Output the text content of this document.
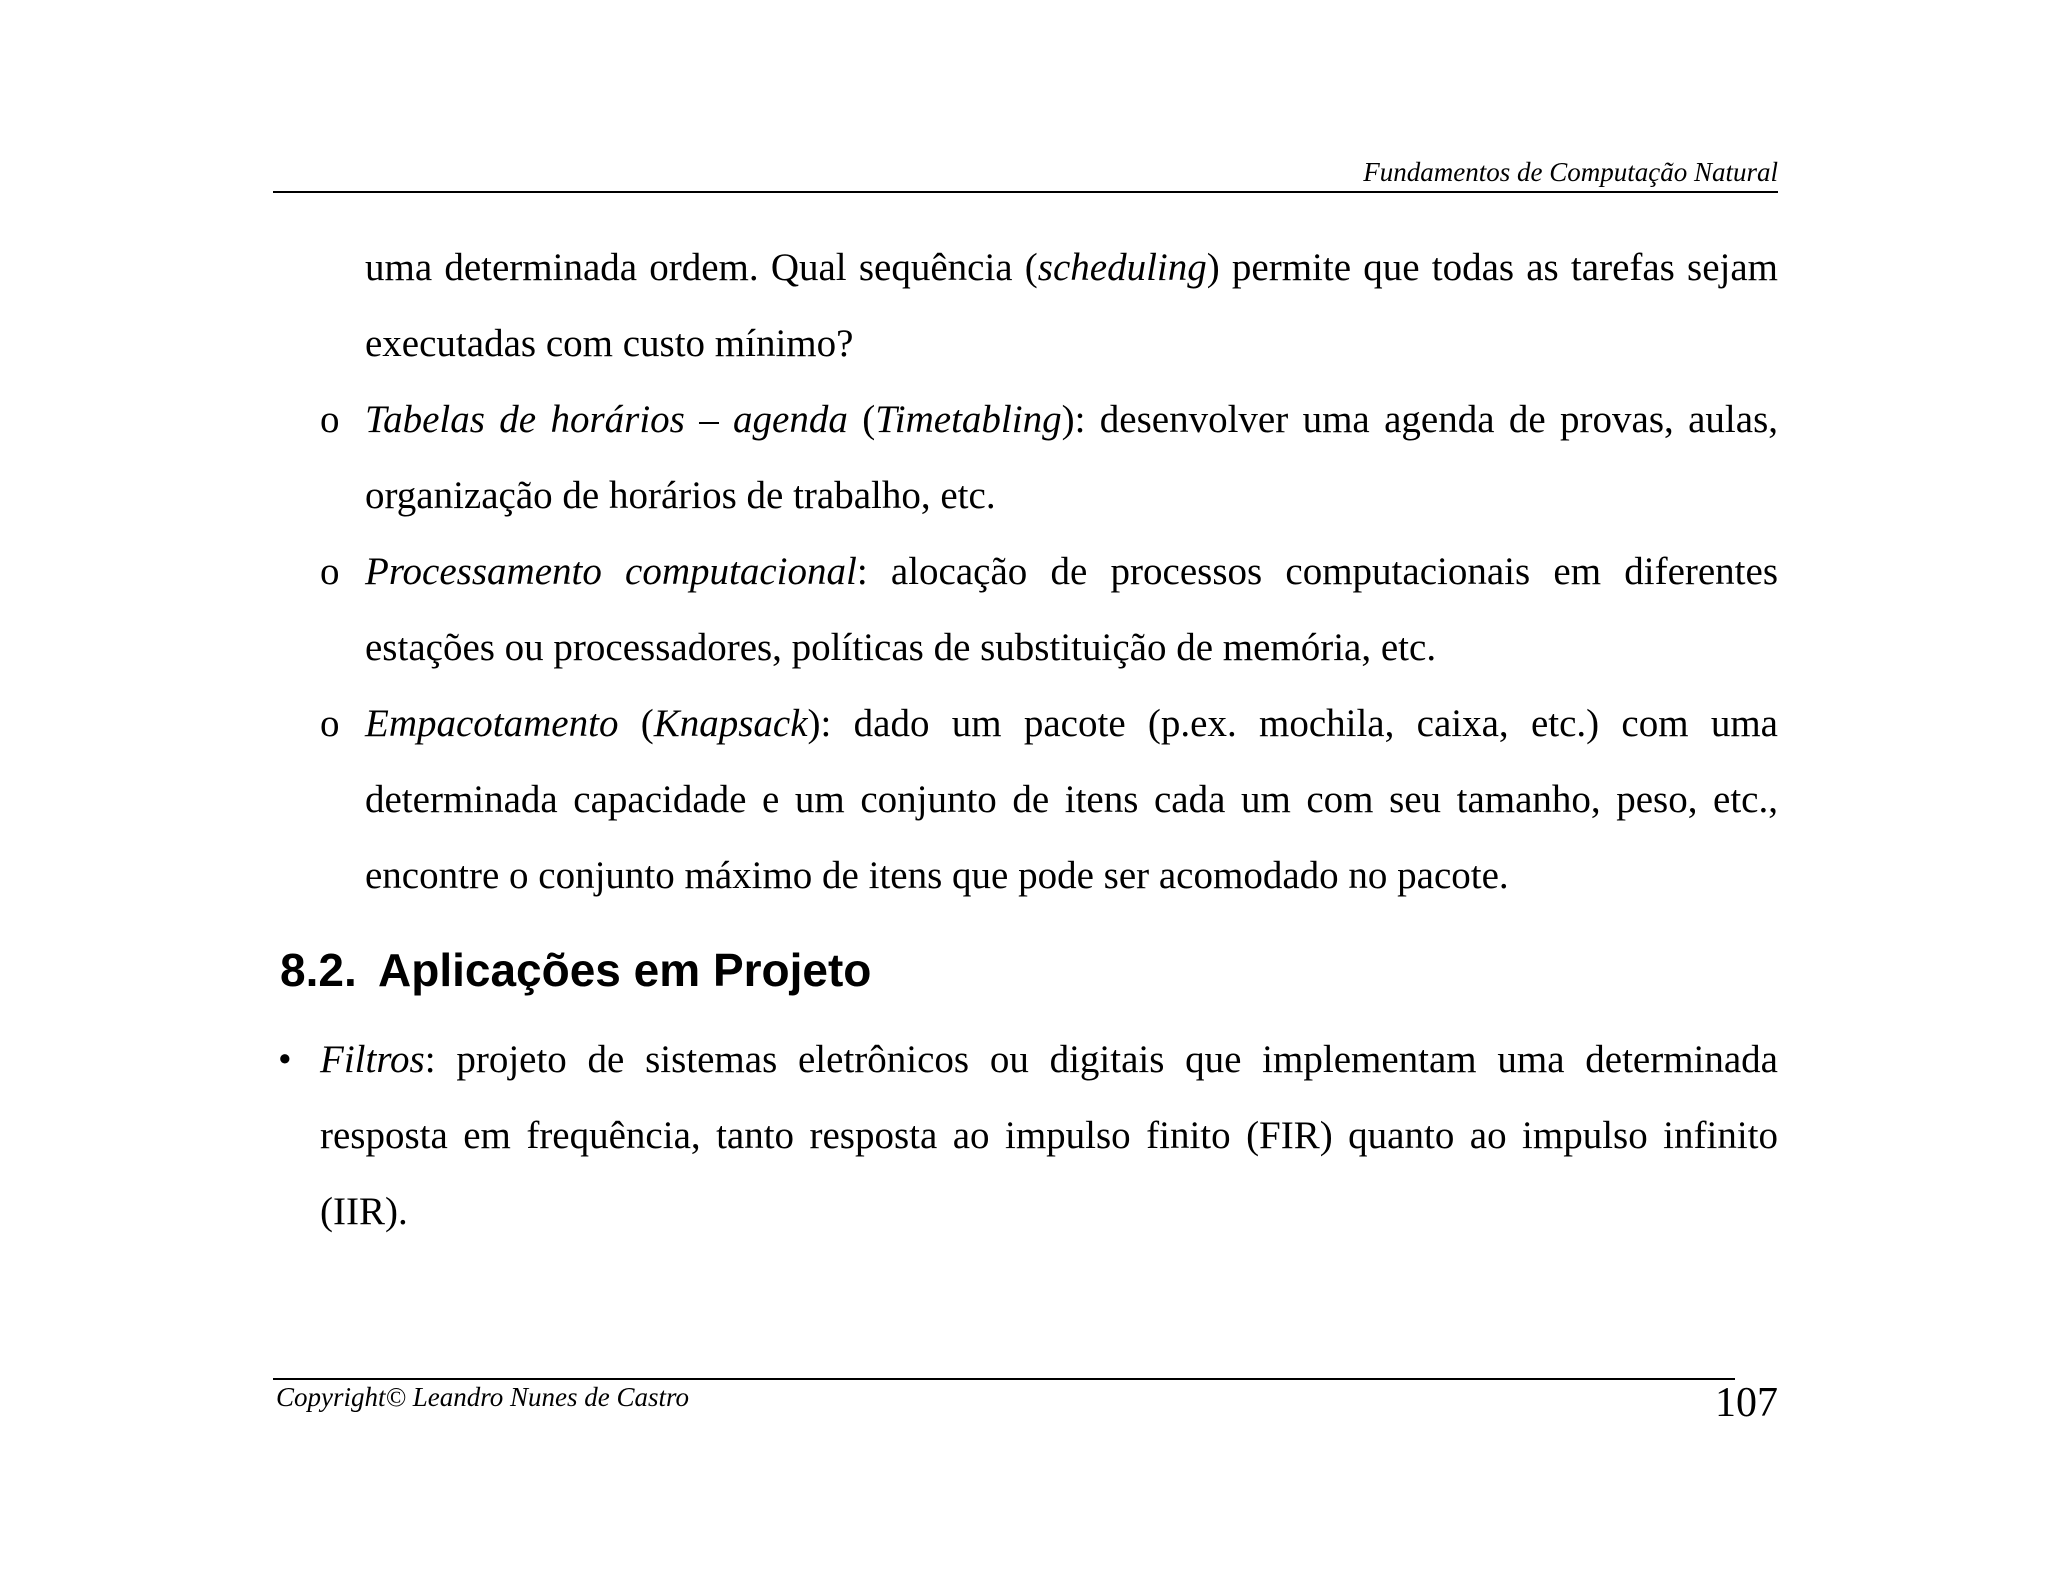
Fundamentos de Computação Natural
uma determinada ordem. Qual sequência (scheduling) permite que todas as tarefas sejam executadas com custo mínimo?
o Tabelas de horários – agenda (Timetabling): desenvolver uma agenda de provas, aulas, organização de horários de trabalho, etc.
o Processamento computacional: alocação de processos computacionais em diferentes estações ou processadores, políticas de substituição de memória, etc.
o Empacotamento (Knapsack): dado um pacote (p.ex. mochila, caixa, etc.) com uma determinada capacidade e um conjunto de itens cada um com seu tamanho, peso, etc., encontre o conjunto máximo de itens que pode ser acomodado no pacote.
8.2. Aplicações em Projeto
• Filtros: projeto de sistemas eletrônicos ou digitais que implementam uma determinada resposta em frequência, tanto resposta ao impulso finito (FIR) quanto ao impulso infinito (IIR).
Copyright© Leandro Nunes de Castro	107
